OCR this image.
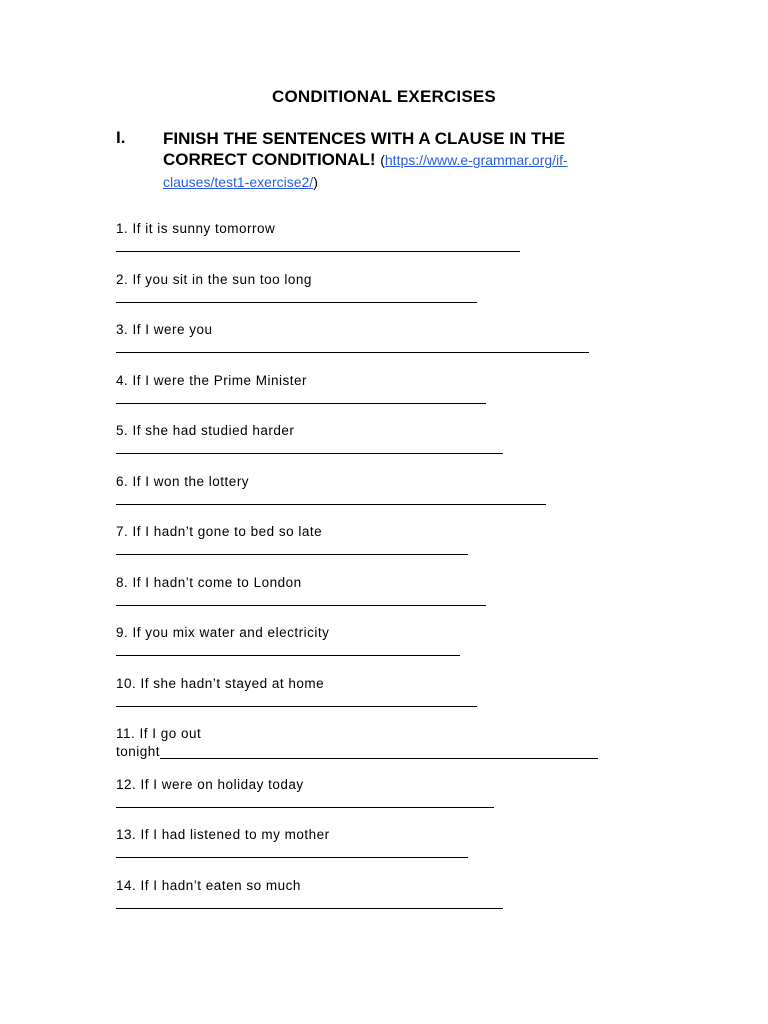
CONDITIONAL EXERCISES
I. FINISH THE SENTENCES WITH A CLAUSE IN THE CORRECT CONDITIONAL! (https://www.e-grammar.org/if-clauses/test1-exercise2/)
1. If it is sunny tomorrow
2. If you sit in the sun too long
3. If I were you
4. If I were the Prime Minister
5. If she had studied harder
6. If I won the lottery
7. If I hadn’t gone to bed so late
8. If I hadn’t come to London
9. If you mix water and electricity
10. If she hadn’t stayed at home
11. If I go out
tonight
12. If I were on holiday today
13. If I had listened to my mother
14. If I hadn’t eaten so much
